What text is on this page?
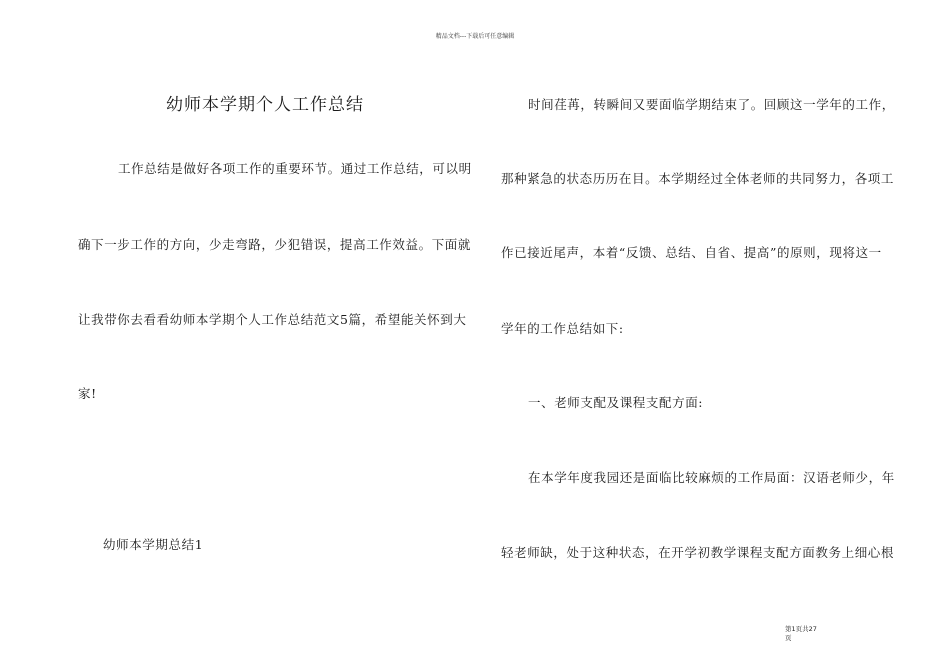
精品文档---下载后可任意编辑
幼师本学期个人工作总结
工作总结是做好各项工作的重要环节。通过工作总结，可以明
确下一步工作的方向，少走弯路，少犯错误，提高工作效益。下面就
让我带你去看看幼师本学期个人工作总结范文5篇，希望能关怀到大
家!
幼师本学期总结1
时间荏苒，转瞬间又要面临学期结束了。回顾这一学年的工作，
那种紧急的状态历历在目。本学期经过全体老师的共同努力，各项工
作已接近尾声，本着“反馈、总结、自省、提高”的原则，现将这一
学年的工作总结如下:
一、老师支配及课程支配方面:
在本学年度我园还是面临比较麻烦的工作局面：汉语老师少，年
轻老师缺，处于这种状态，在开学初教学课程支配方面教务上细心根
第1页共27
页
